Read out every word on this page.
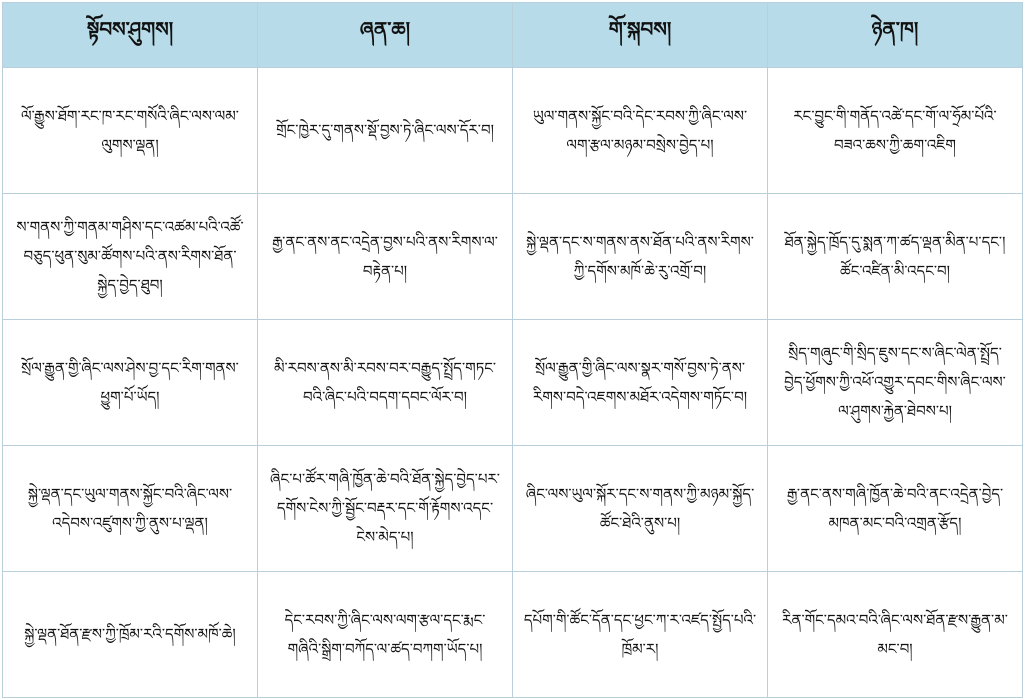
སྟོབས་ཤུགས།	ཞན་ཆ།	གོ་སྐབས།	ཉེན་ཁ།
ལོ་རྒྱུས་ཐོག་རང་ཁ་རང་གསོའི་ཞིང་ལས་ལམ་ལུགས་ལྡན།	གྲོང་ཁྱེར་དུ་གནས་སྡོ་བྱས་ཏེ་ཞིང་ལས་དོར་བ།	ཡུལ་གནས་སྐྱོང་བའི་དེང་རབས་ཀྱི་ཞིང་ལས་ལག་རྩལ་མཉམ་བསྲེས་བྱེད་པ།	རང་བྱུང་གི་གནོད་འཚེ་དང་གོ་ལ་ཧྲོམ་པོའི་བཟའ་ཆས་ཀྱི་ཆག་འཇིག
ས་གནས་ཀྱི་གནམ་གཤིས་དང་འཚམ་པའི་འཚོ་བཅུད་ཕུན་སུམ་ཚོགས་པའི་ནས་རིགས་ཐོན་སྐྱེད་བྱེད་ཐུབ།	རྒྱ་ནང་ནས་ནང་འདྲེན་བྱས་པའི་ནས་རིགས་ལ་བརྟེན་པ།	སྐྱེ་ལྡན་དང་ས་གནས་ནས་ཐོན་པའི་ནས་རིགས་ཀྱི་དགོས་མཁོ་ཆེ་རུ་འགྲོ་བ།	ཐོན་སྐྱེད་ཁྲོད་དུ་སྨན་ཀ་ཚད་ལྡན་མིན་པ་དང་། ཚོང་འཛིན་མི་འདང་བ།
སྲོལ་རྒྱུན་གྱི་ཞིང་ལས་ཤེས་བྱ་དང་རིག་གནས་ཕྱུག་པོ་ཡོད།	མི་རབས་ནས་མི་རབས་བར་བརྒྱུད་སྤྲོད་གཏང་བའི་ཞིང་པའི་བདག་དབང་ལོར་བ།	སྲོལ་རྒྱུན་གྱི་ཞིང་ལས་སྣར་གསོ་བྱས་ཏེ་ནས་རིགས་བདེ་འཇགས་མཐོར་འདེགས་གཏོང་བ།	སྲིད་གཞུང་གི་སྲིད་ཇུས་དང་ས་ཞིང་ལེན་སྤྲོད་བྱེད་ཕྱོགས་ཀྱི་འཕོ་འགྱུར་དབང་གིས་ཞིང་ལས་ལ་ཤུགས་རྐྱེན་ཐེབས་པ།
སྐྱེ་ལྡན་དང་ཡུལ་གནས་སྐྱོང་བའི་ཞིང་ལས་འདེབས་འཛུགས་ཀྱི་ནུས་པ་ལྡན།	ཞིང་པ་ཚོར་གཞི་ཁྱོན་ཆེ་བའི་ཐོན་སྐྱེད་བྱེད་པར་དགོས་ངེས་ཀྱི་སྦྱོང་བརྡར་དང་གོ་རྟོགས་འདང་ངེས་མེད་པ།	ཞིང་ལས་ཡུལ་སྐོར་དང་ས་གནས་ཀྱི་མཉམ་སྐྱོད་ཚོང་ཐེའི་ནུས་པ།	རྒྱ་ནང་ནས་གཞི་ཁྱོན་ཆེ་བའི་ནང་འདྲེན་བྱེད་མཁན་མང་བའི་འགྲན་རྩོད།
སྐྱེ་ལྡན་ཐོན་རྫས་ཀྱི་ཁྲོམ་རའི་དགོས་མཁོ་ཆེ།	དེང་རབས་ཀྱི་ཞིང་ལས་ལག་རྩལ་དང་རྨང་གཞིའི་སྒྲིག་བཀོད་ལ་ཚད་བཀག་ཡོད་པ།	དཔོག་གི་ཚོང་དོན་དང་ཕྱང་ཀ་ར་འཛད་སྤྱོད་པའི་ཁྲོམ་ར།	རིན་གོང་དམའ་བའི་ཞིང་ལས་ཐོན་རྫས་རྒྱུན་མ་མང་བ།
